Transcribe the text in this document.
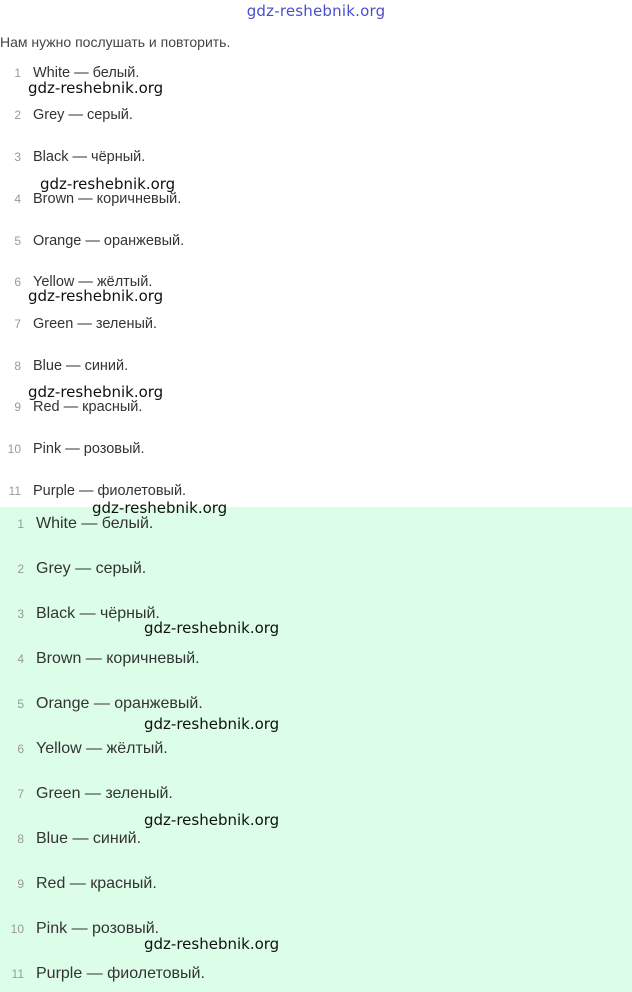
gdz-reshebnik.org
Нам нужно послушать и повторить.
1 White — белый.
2 Grey — серый.
3 Black — чёрный.
4 Brown — коричневый.
5 Orange — оранжевый.
6 Yellow — жёлтый.
7 Green — зеленый.
8 Blue — синий.
9 Red — красный.
10 Pink — розовый.
11 Purple — фиолетовый.
1 White — белый.
2 Grey — серый.
3 Black — чёрный.
4 Brown — коричневый.
5 Orange — оранжевый.
6 Yellow — жёлтый.
7 Green — зеленый.
8 Blue — синий.
9 Red — красный.
10 Pink — розовый.
11 Purple — фиолетовый.
gdz-reshebnik.org
gdz-reshebnik.org
gdz-reshebnik.org
gdz-reshebnik.org
gdz-reshebnik.org
gdz-reshebnik.org
gdz-reshebnik.org
gdz-reshebnik.org
gdz-reshebnik.org
